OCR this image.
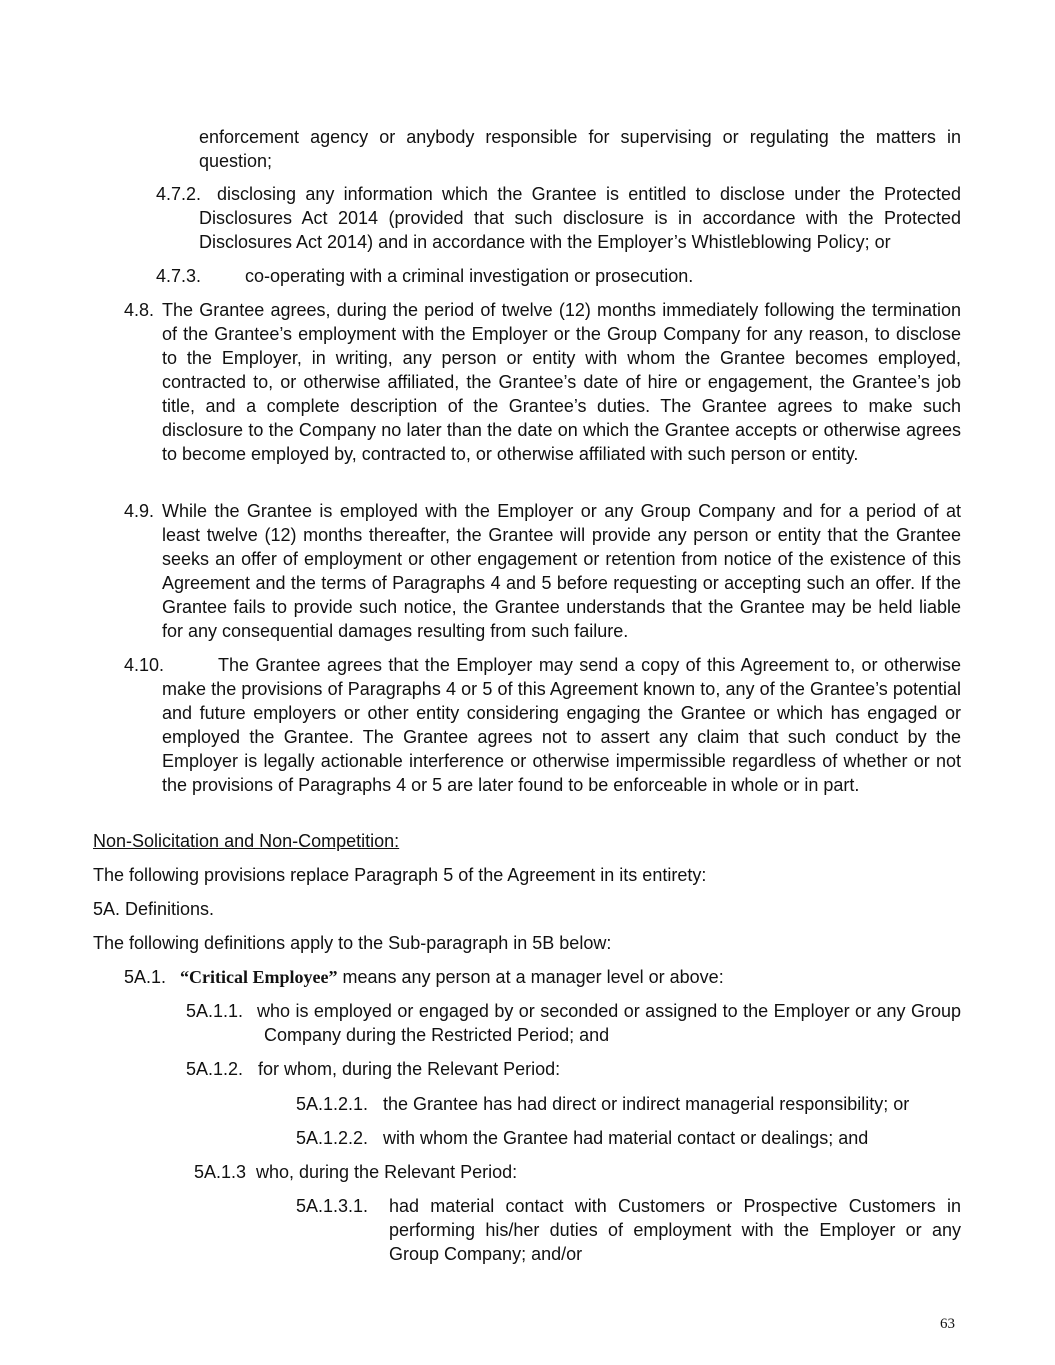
enforcement agency or anybody responsible for supervising or regulating the matters in question;
4.7.2. disclosing any information which the Grantee is entitled to disclose under the Protected Disclosures Act 2014 (provided that such disclosure is in accordance with the Protected Disclosures Act 2014) and in accordance with the Employer’s Whistleblowing Policy; or
4.7.3. co-operating with a criminal investigation or prosecution.
4.8. The Grantee agrees, during the period of twelve (12) months immediately following the termination of the Grantee’s employment with the Employer or the Group Company for any reason, to disclose to the Employer, in writing, any person or entity with whom the Grantee becomes employed, contracted to, or otherwise affiliated, the Grantee’s date of hire or engagement, the Grantee’s job title, and a complete description of the Grantee’s duties. The Grantee agrees to make such disclosure to the Company no later than the date on which the Grantee accepts or otherwise agrees to become employed by, contracted to, or otherwise affiliated with such person or entity.
4.9. While the Grantee is employed with the Employer or any Group Company and for a period of at least twelve (12) months thereafter, the Grantee will provide any person or entity that the Grantee seeks an offer of employment or other engagement or retention from notice of the existence of this Agreement and the terms of Paragraphs 4 and 5 before requesting or accepting such an offer. If the Grantee fails to provide such notice, the Grantee understands that the Grantee may be held liable for any consequential damages resulting from such failure.
4.10.	The Grantee agrees that the Employer may send a copy of this Agreement to, or otherwise make the provisions of Paragraphs 4 or 5 of this Agreement known to, any of the Grantee’s potential and future employers or other entity considering engaging the Grantee or which has engaged or employed the Grantee. The Grantee agrees not to assert any claim that such conduct by the Employer is legally actionable interference or otherwise impermissible regardless of whether or not the provisions of Paragraphs 4 or 5 are later found to be enforceable in whole or in part.
Non-Solicitation and Non-Competition:
The following provisions replace Paragraph 5 of the Agreement in its entirety:
5A. Definitions.
The following definitions apply to the Sub-paragraph in 5B below:
5A.1. “Critical Employee” means any person at a manager level or above:
5A.1.1. who is employed or engaged by or seconded or assigned to the Employer or any Group Company during the Restricted Period; and
5A.1.2. for whom, during the Relevant Period:
5A.1.2.1. the Grantee has had direct or indirect managerial responsibility; or
5A.1.2.2. with whom the Grantee had material contact or dealings; and
5A.1.3 who, during the Relevant Period:
5A.1.3.1. had material contact with Customers or Prospective Customers in performing his/her duties of employment with the Employer or any Group Company; and/or
63
